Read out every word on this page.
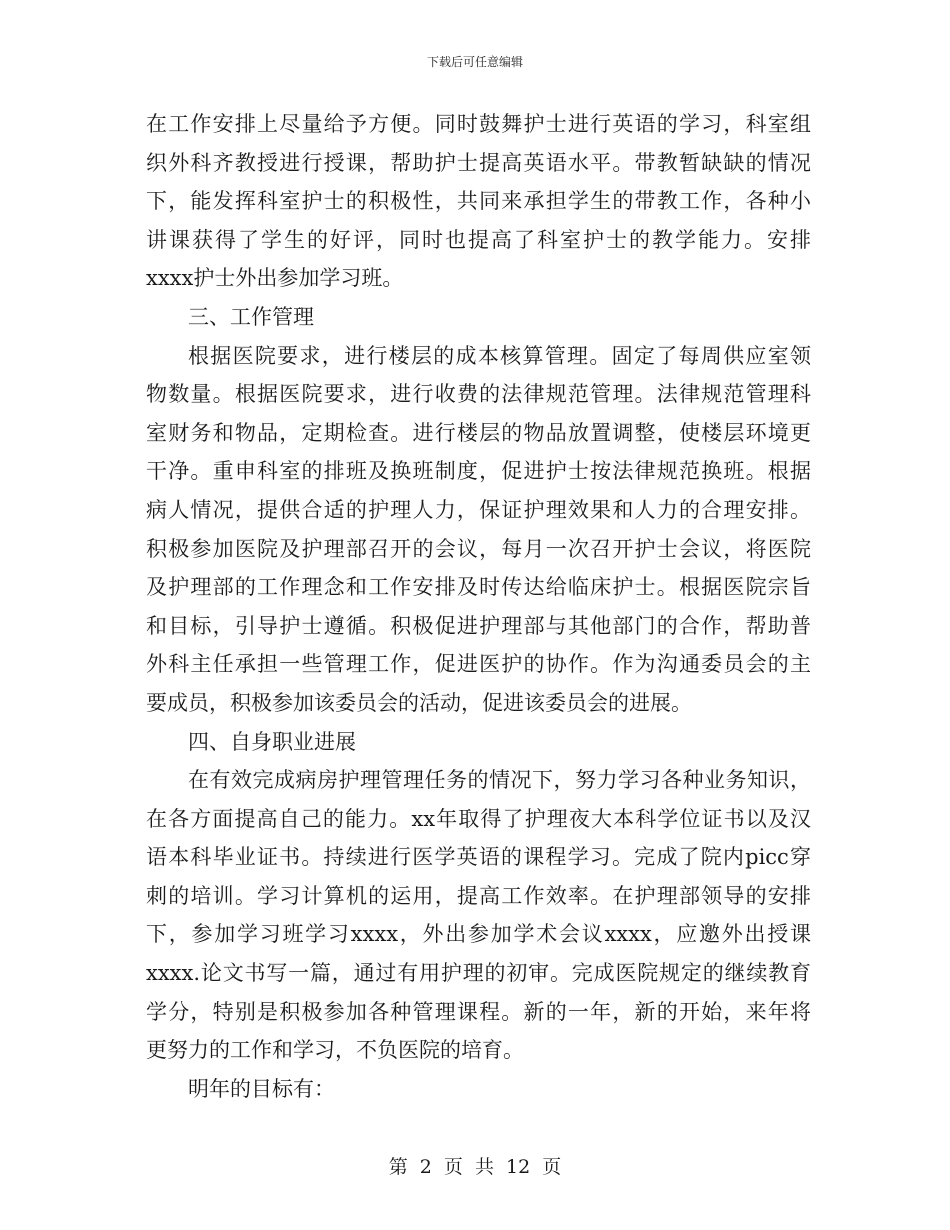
下载后可任意编辑
在工作安排上尽量给予方便。同时鼓舞护士进行英语的学习，科室组
织外科齐教授进行授课，帮助护士提高英语水平。带教暂缺缺的情况
下，能发挥科室护士的积极性，共同来承担学生的带教工作，各种小
讲课获得了学生的好评，同时也提高了科室护士的教学能力。安排
xxxx护士外出参加学习班。
三、工作管理
根据医院要求，进行楼层的成本核算管理。固定了每周供应室领
物数量。根据医院要求，进行收费的法律规范管理。法律规范管理科
室财务和物品，定期检查。进行楼层的物品放置调整，使楼层环境更
干净。重申科室的排班及换班制度，促进护士按法律规范换班。根据
病人情况，提供合适的护理人力，保证护理效果和人力的合理安排。
积极参加医院及护理部召开的会议，每月一次召开护士会议，将医院
及护理部的工作理念和工作安排及时传达给临床护士。根据医院宗旨
和目标，引导护士遵循。积极促进护理部与其他部门的合作，帮助普
外科主任承担一些管理工作，促进医护的协作。作为沟通委员会的主
要成员，积极参加该委员会的活动，促进该委员会的进展。
四、自身职业进展
在有效完成病房护理管理任务的情况下，努力学习各种业务知识，
在各方面提高自己的能力。xx年取得了护理夜大本科学位证书以及汉
语本科毕业证书。持续进行医学英语的课程学习。完成了院内picc穿
刺的培训。学习计算机的运用，提高工作效率。在护理部领导的安排
下，参加学习班学习xxxx，外出参加学术会议xxxx，应邀外出授课
xxxx.论文书写一篇，通过有用护理的初审。完成医院规定的继续教育
学分，特别是积极参加各种管理课程。新的一年，新的开始，来年将
更努力的工作和学习，不负医院的培育。
明年的目标有：
第 2 页 共 12 页
